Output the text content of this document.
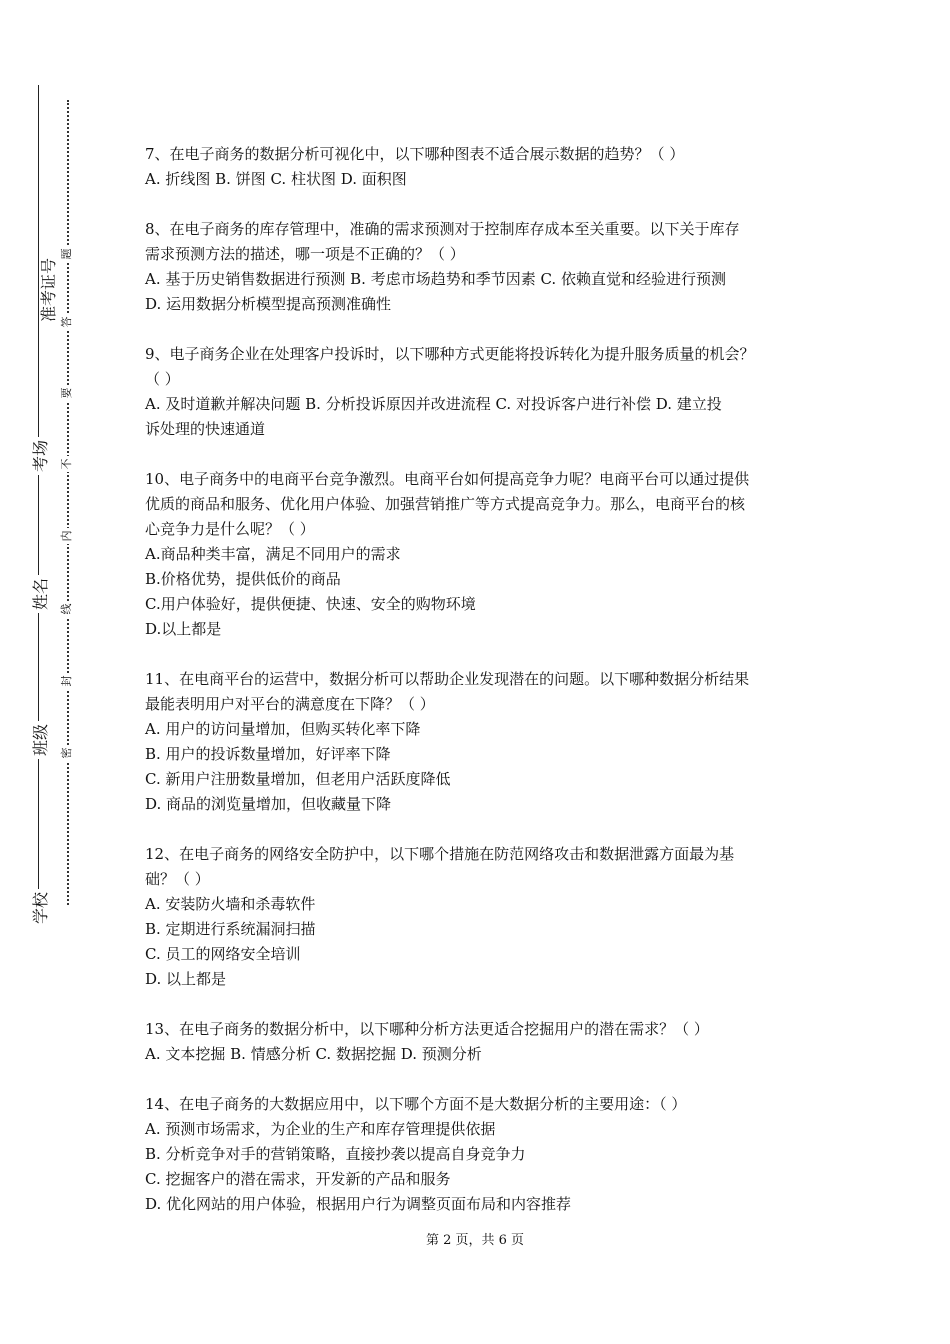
准考证号
考场
姓名
班级
学校
题
答
要
不
内
线
封
密

7、在电子商务的数据分析可视化中，以下哪种图表不适合展示数据的趋势？（ ）

A. 折线图 B. 饼图 C. 柱状图 D. 面积图

8、在电子商务的库存管理中，准确的需求预测对于控制库存成本至关重要。以下关于库存

需求预测方法的描述，哪一项是不正确的？（ ）

A. 基于历史销售数据进行预测 B. 考虑市场趋势和季节因素 C. 依赖直觉和经验进行预测

D. 运用数据分析模型提高预测准确性

9、电子商务企业在处理客户投诉时，以下哪种方式更能将投诉转化为提升服务质量的机会？

（ ）

A. 及时道歉并解决问题 B. 分析投诉原因并改进流程 C. 对投诉客户进行补偿 D. 建立投

诉处理的快速通道

10、电子商务中的电商平台竞争激烈。电商平台如何提高竞争力呢？电商平台可以通过提供

优质的商品和服务、优化用户体验、加强营销推广等方式提高竞争力。那么，电商平台的核

心竞争力是什么呢？（ ）

A.商品种类丰富，满足不同用户的需求

B.价格优势，提供低价的商品

C.用户体验好，提供便捷、快速、安全的购物环境

D.以上都是

11、在电商平台的运营中，数据分析可以帮助企业发现潜在的问题。以下哪种数据分析结果

最能表明用户对平台的满意度在下降？（ ）

A. 用户的访问量增加，但购买转化率下降

B. 用户的投诉数量增加，好评率下降

C. 新用户注册数量增加，但老用户活跃度降低

D. 商品的浏览量增加，但收藏量下降

12、在电子商务的网络安全防护中，以下哪个措施在防范网络攻击和数据泄露方面最为基

础？（ ）

A. 安装防火墙和杀毒软件

B. 定期进行系统漏洞扫描

C. 员工的网络安全培训

D. 以上都是

13、在电子商务的数据分析中，以下哪种分析方法更适合挖掘用户的潜在需求？（ ）

A. 文本挖掘 B. 情感分析 C. 数据挖掘 D. 预测分析

14、在电子商务的大数据应用中，以下哪个方面不是大数据分析的主要用途：（ ）

A. 预测市场需求，为企业的生产和库存管理提供依据

B. 分析竞争对手的营销策略，直接抄袭以提高自身竞争力

C. 挖掘客户的潜在需求，开发新的产品和服务

D. 优化网站的用户体验，根据用户行为调整页面布局和内容推荐

第 2 页，共 6 页
